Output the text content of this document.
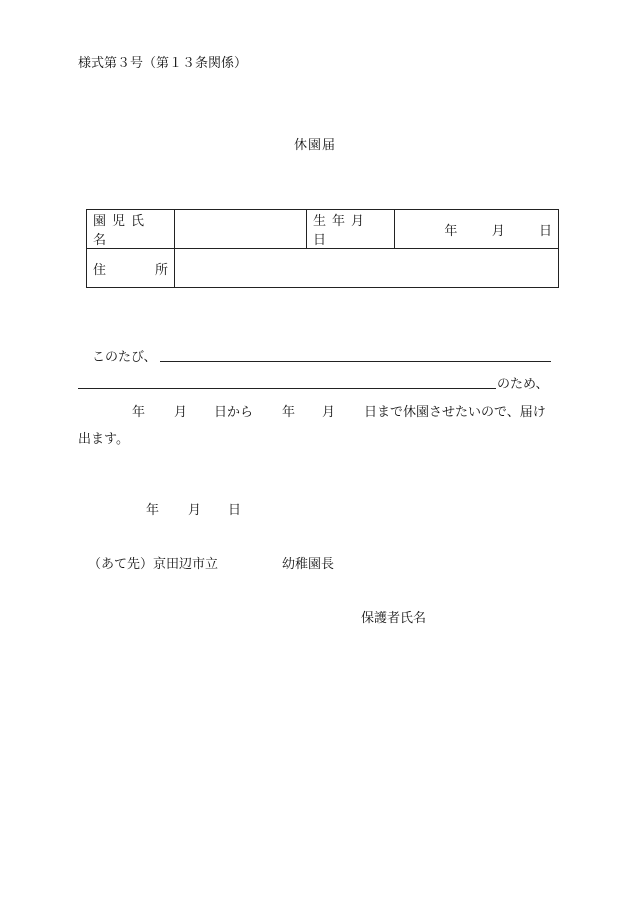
様式第３号（第１３条関係）
休園届
園児氏名		生年月日	年 月 日

住 所			

このたび、
のため、
年 月 日から 年 月 日まで休園させたいので、届け
出ます。
年 月 日
（あて先）京田辺市立	幼稚園長
保護者氏名
